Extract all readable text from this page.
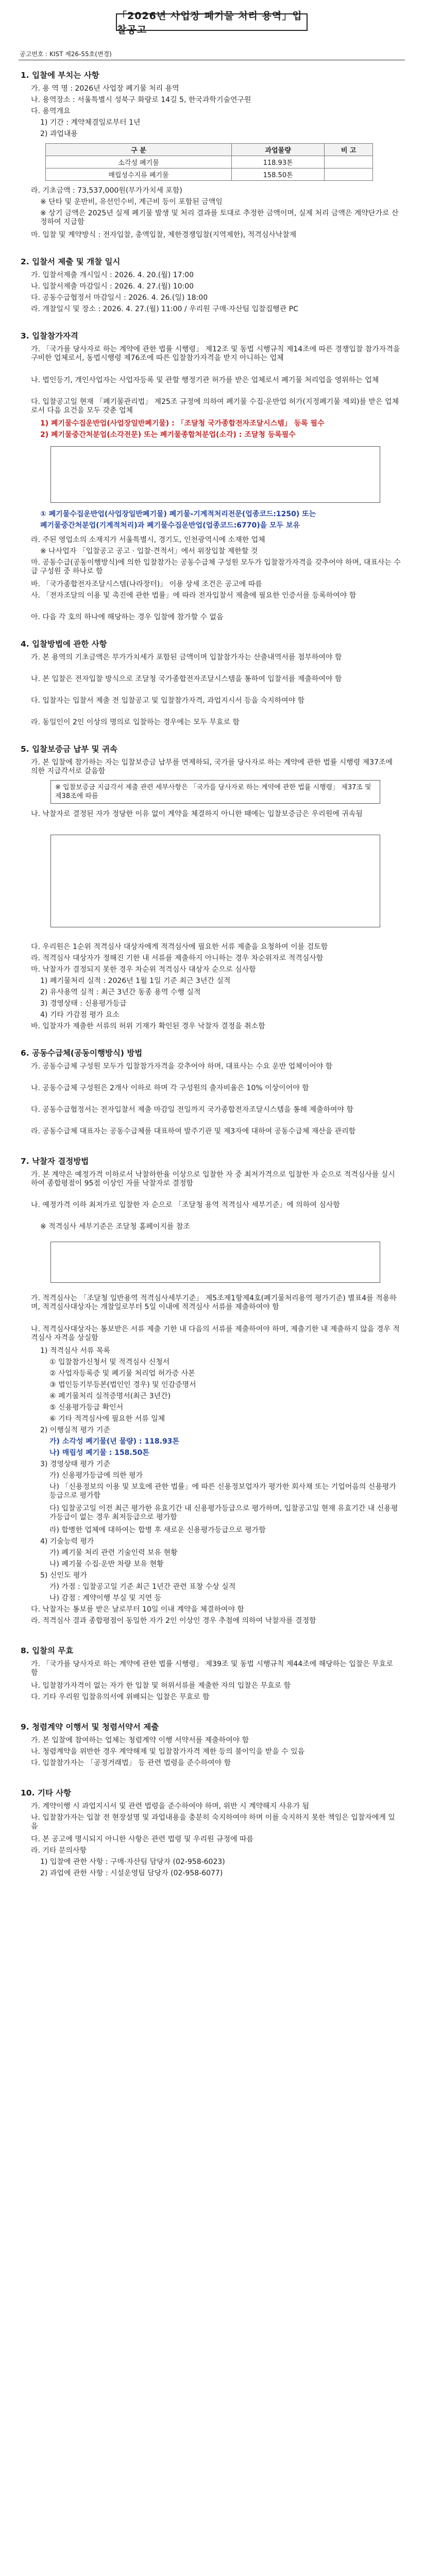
「2026년 사업장 폐기물 처리 용역」입찰공고
공고번호 : KIST 제26-55호(변경)
1. 입찰에 부치는 사항
가. 용 역 명 : 2026년 사업장 폐기물 처리 용역
나. 용역장소 : 서울특별시 성북구 화랑로 14길 5, 한국과학기술연구원
다. 용역개요
1) 기간 : 계약체결일로부터 1년
2) 과업내용
구 분	과업물량	비 고
소각성 폐기물	118.93톤	
매립성수지류 폐기물	158.50톤	
라. 기초금액 : 73,537,000원(부가가치세 포함)
※ 단타 및 운반비, 유선인수비, 계근비 등이 포함된 금액임
※ 상기 금액은 2025년 실제 폐기물 발생 및 처리 결과를 토대로 추정한 금액이며, 실제 처리 금액은 계약단가로 산정하여 지급함
마. 입찰 및 계약방식 : 전자입찰, 총액입찰, 제한경쟁입찰(지역제한), 적격심사낙찰제
2. 입찰서 제출 및 개찰 일시
가. 입찰서제출 개시일시 : 2026. 4. 20.(월) 17:00
나. 입찰서제출 마감일시 : 2026. 4. 27.(월) 10:00
다. 공동수급협정서 마감일시 : 2026. 4. 26.(일) 18:00
라. 개찰일시 및 장소 : 2026. 4. 27.(월) 11:00 / 우리원 구매·자산팀 입찰집행관 PC
3. 입찰참가자격
가. 「국가를 당사자로 하는 계약에 관한 법률 시행령」 제12조 및 동법 시행규칙 제14조에 따른 경쟁입찰 참가자격을 구비한 업체로서, 동법시행령 제76조에 따른 입찰참가자격을 받지 아니하는 업체
나. 법인등기, 개인사업자는 사업자등록 및 관할 행정기관 허가를 받은 업체로서 폐기물 처리업을 영위하는 업체
다. 입찰공고일 현재 「폐기물관리법」 제25조 규정에 의하여 폐기물 수집·운반업 허가(지정폐기물 제외)를 받은 업체로서 다음 요건을 모두 갖춘 업체
1) 폐기물수집운반업(사업장일반폐기물) : 「조달청 국가종합전자조달시스템」 등록 필수
2) 폐기물중간처분업(소각전문) 또는 폐기물종합처분업(소각) : 조달청 등록필수
① 폐기물수집운반업(사업장일반폐기물) 폐기물-기계적처리전문(업종코드:1250) 또는
폐기물중간처분업(기계적처리)과 폐기물수집운반업(업종코드:6770)을 모두 보유
라. 주된 영업소의 소재지가 서울특별시, 경기도, 인천광역시에 소재한 업체
※ 나사업자 「입찰공고 공고 · 입찰·견적서」에서 위장입찰 제한할 것
마. 공동수급(공동이행방식)에 의한 입찰참가는 공동수급체 구성원 모두가 입찰참가자격을 갖추어야 하며, 대표사는 수급 구성원 중 하나로 함
바. 「국가종합전자조달시스템(나라장터)」 이용 상세 조건은 공고에 따름
사. 「전자조달의 이용 및 촉진에 관한 법률」에 따라 전자입찰서 제출에 필요한 인증서를 등록하여야 함
아. 다음 각 호의 하나에 해당하는 경우 입찰에 참가할 수 없음
4. 입찰방법에 관한 사항
가. 본 용역의 기초금액은 부가가치세가 포함된 금액이며 입찰참가자는 산출내역서를 첨부하여야 함
나. 본 입찰은 전자입찰 방식으로 조달청 국가종합전자조달시스템을 통하여 입찰서를 제출하여야 함
다. 입찰자는 입찰서 제출 전 입찰공고 및 입찰참가자격, 과업지시서 등을 숙지하여야 함
라. 동일인이 2인 이상의 명의로 입찰하는 경우에는 모두 무효로 함
5. 입찰보증금 납부 및 귀속
가. 본 입찰에 참가하는 자는 입찰보증금 납부를 면제하되, 국가를 당사자로 하는 계약에 관한 법률 시행령 제37조에 의한 지급각서로 갈음함
※ 입찰보증금 지급각서 제출 관련 세부사항은 「국가를 당사자로 하는 계약에 관한 법률 시행령」 제37조 및 제38조에 따름
나. 낙찰자로 결정된 자가 정당한 이유 없이 계약을 체결하지 아니한 때에는 입찰보증금은 우리원에 귀속됨
다. 우리원은 1순위 적격심사 대상자에게 적격심사에 필요한 서류 제출을 요청하여 이를 검토함
라. 적격심사 대상자가 정해진 기한 내 서류를 제출하지 아니하는 경우 차순위자로 적격심사함
마. 낙찰자가 결정되지 못한 경우 차순위 적격심사 대상자 순으로 심사함
1) 폐기물처리 실적 : 2026년 1월 1일 기준 최근 3년간 실적
2) 유사용역 실적 : 최근 3년간 동종 용역 수행 실적
3) 경영상태 : 신용평가등급
4) 기타 가감점 평가 요소
바. 입찰자가 제출한 서류의 허위 기재가 확인된 경우 낙찰자 결정을 취소함
6. 공동수급체(공동이행방식) 방법
가. 공동수급체 구성원 모두가 입찰참가자격을 갖추어야 하며, 대표사는 수요 운반 업체이어야 함
나. 공동수급체 구성원은 2개사 이하로 하며 각 구성원의 출자비율은 10% 이상이어야 함
다. 공동수급협정서는 전자입찰서 제출 마감일 전일까지 국가종합전자조달시스템을 통해 제출하여야 함
라. 공동수급체 대표자는 공동수급체를 대표하여 발주기관 및 제3자에 대하여 공동수급체 재산을 관리함
7. 낙찰자 결정방법
가. 본 계약은 예정가격 이하로서 낙찰하한율 이상으로 입찰한 자 중 최저가격으로 입찰한 자 순으로 적격심사를 실시하여 종합평점이 95점 이상인 자를 낙찰자로 결정함
나. 예정가격 이하 최저가로 입찰한 자 순으로 「조달청 용역 적격심사 세부기준」에 의하여 심사함
※ 적격심사 세부기준은 조달청 홈페이지를 참조
가. 적격심사는 「조달청 일반용역 적격심사세부기준」 제5조제1항제4호(폐기물처리용역 평가기준) 별표4를 적용하며, 적격심사대상자는 개찰일로부터 5일 이내에 적격심사 서류를 제출하여야 함
나. 적격심사대상자는 통보받은 서류 제출 기한 내 다음의 서류를 제출하여야 하며, 제출기한 내 제출하지 않을 경우 적격심사 자격을 상실함
1) 적격심사 서류 목록
① 입찰참가신청서 및 적격심사 신청서
② 사업자등록증 및 폐기물 처리업 허가증 사본
③ 법인등기부등본(법인인 경우) 및 인감증명서
④ 폐기물처리 실적증명서(최근 3년간)
⑤ 신용평가등급 확인서
⑥ 기타 적격심사에 필요한 서류 일체
2) 이행실적 평가 기준
가) 소각성 폐기물(년 물량) : 118.93톤
나) 매립성 폐기물 : 158.50톤
3) 경영상태 평가 기준
가) 신용평가등급에 의한 평가
나) 「신용정보의 이용 및 보호에 관한 법률」에 따른 신용정보업자가 평가한 회사채 또는 기업어음의 신용평가등급으로 평가함
다) 입찰공고일 이전 최근 평가한 유효기간 내 신용평가등급으로 평가하며, 입찰공고일 현재 유효기간 내 신용평가등급이 없는 경우 최저등급으로 평가함
라) 합병한 업체에 대하여는 합병 후 새로운 신용평가등급으로 평가함
4) 기술능력 평가
가) 폐기물 처리 관련 기술인력 보유 현황
나) 폐기물 수집·운반 차량 보유 현황
5) 신인도 평가
가) 가점 : 입찰공고일 기준 최근 1년간 관련 표창 수상 실적
나) 감점 : 계약이행 부실 및 지연 등
다. 낙찰자는 통보를 받은 날로부터 10일 이내 계약을 체결하여야 함
라. 적격심사 결과 종합평점이 동일한 자가 2인 이상인 경우 추첨에 의하여 낙찰자를 결정함
8. 입찰의 무효
가. 「국가를 당사자로 하는 계약에 관한 법률 시행령」 제39조 및 동법 시행규칙 제44조에 해당하는 입찰은 무효로 함
나. 입찰참가자격이 없는 자가 한 입찰 및 허위서류를 제출한 자의 입찰은 무효로 함
다. 기타 우리원 입찰유의서에 위배되는 입찰은 무효로 함
9. 청렴계약 이행서 및 청렴서약서 제출
가. 본 입찰에 참여하는 업체는 청렴계약 이행 서약서를 제출하여야 함
나. 청렴계약을 위반한 경우 계약해제 및 입찰참가자격 제한 등의 불이익을 받을 수 있음
다. 입찰참가자는 「공정거래법」 등 관련 법령을 준수하여야 함
10. 기타 사항
가. 계약이행 시 과업지시서 및 관련 법령을 준수하여야 하며, 위반 시 계약해지 사유가 됨
나. 입찰참가자는 입찰 전 현장설명 및 과업내용을 충분히 숙지하여야 하며 이를 숙지하지 못한 책임은 입찰자에게 있음
다. 본 공고에 명시되지 아니한 사항은 관련 법령 및 우리원 규정에 따름
라. 기타 문의사항
1) 입찰에 관한 사항 : 구매·자산팀 담당자 (02-958-6023)
2) 과업에 관한 사항 : 시설운영팀 담당자 (02-958-6077)
